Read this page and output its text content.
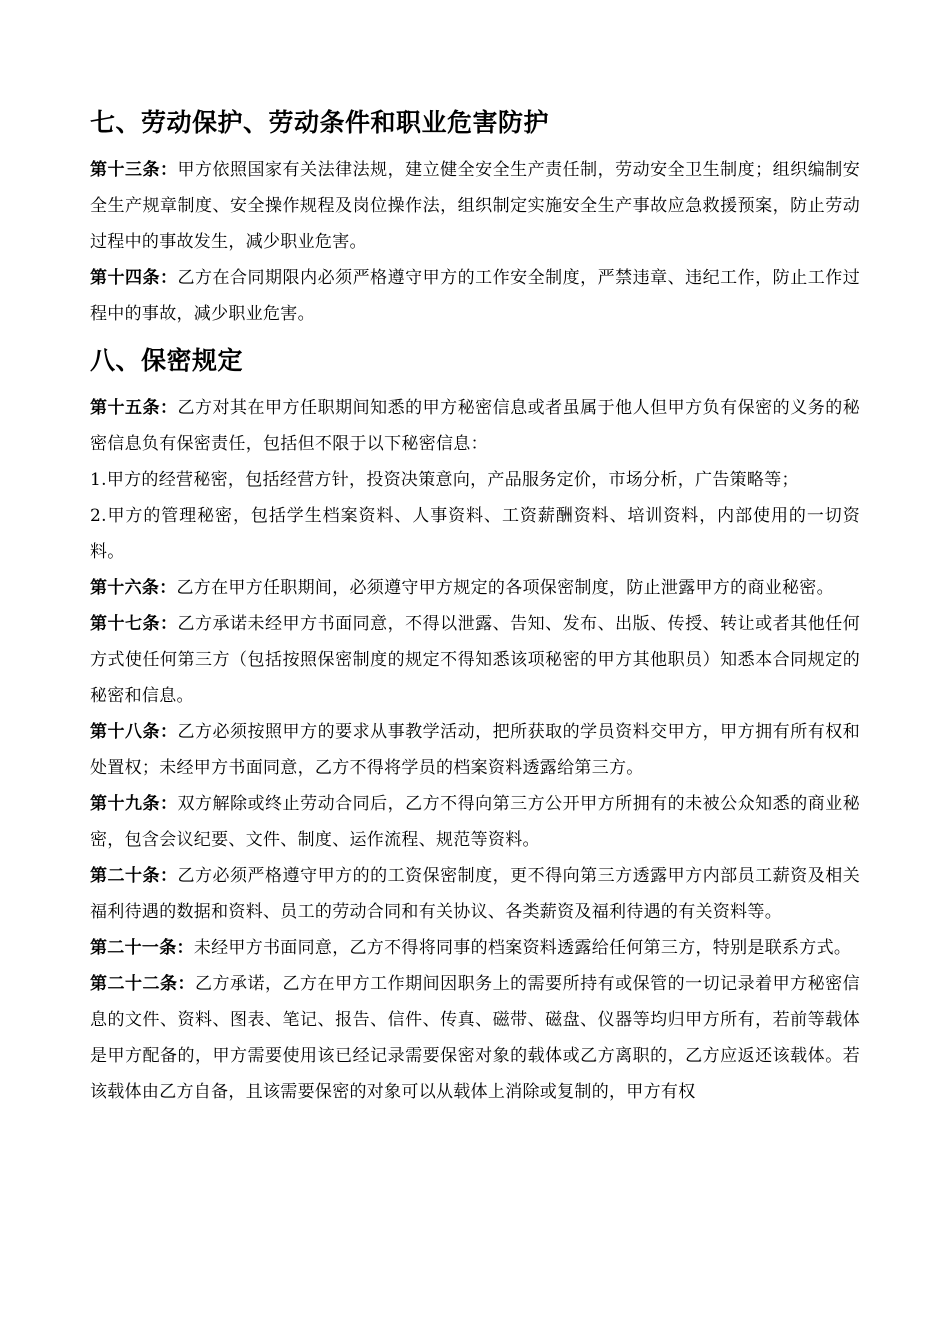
七、劳动保护、劳动条件和职业危害防护

第十三条：甲方依照国家有关法律法规，建立健全安全生产责任制，劳动安全卫生制度；组织编制安全生产规章制度、安全操作规程及岗位操作法，组织制定实施安全生产事故应急救援预案，防止劳动过程中的事故发生，减少职业危害。

第十四条：乙方在合同期限内必须严格遵守甲方的工作安全制度，严禁违章、违纪工作，防止工作过程中的事故，减少职业危害。

八、保密规定

第十五条：乙方对其在甲方任职期间知悉的甲方秘密信息或者虽属于他人但甲方负有保密的义务的秘密信息负有保密责任，包括但不限于以下秘密信息：

1.甲方的经营秘密，包括经营方针，投资决策意向，产品服务定价，市场分析，广告策略等；

2.甲方的管理秘密，包括学生档案资料、人事资料、工资薪酬资料、培训资料，内部使用的一切资料。

第十六条：乙方在甲方任职期间，必须遵守甲方规定的各项保密制度，防止泄露甲方的商业秘密。

第十七条：乙方承诺未经甲方书面同意，不得以泄露、告知、发布、出版、传授、转让或者其他任何方式使任何第三方（包括按照保密制度的规定不得知悉该项秘密的甲方其他职员）知悉本合同规定的秘密和信息。

第十八条：乙方必须按照甲方的要求从事教学活动，把所获取的学员资料交甲方，甲方拥有所有权和处置权；未经甲方书面同意，乙方不得将学员的档案资料透露给第三方。

第十九条：双方解除或终止劳动合同后，乙方不得向第三方公开甲方所拥有的未被公众知悉的商业秘密，包含会议纪要、文件、制度、运作流程、规范等资料。

第二十条：乙方必须严格遵守甲方的的工资保密制度，更不得向第三方透露甲方内部员工薪资及相关福利待遇的数据和资料、员工的劳动合同和有关协议、各类薪资及福利待遇的有关资料等。

第二十一条：未经甲方书面同意，乙方不得将同事的档案资料透露给任何第三方，特别是联系方式。

第二十二条：乙方承诺，乙方在甲方工作期间因职务上的需要所持有或保管的一切记录着甲方秘密信息的文件、资料、图表、笔记、报告、信件、传真、磁带、磁盘、仪器等均归甲方所有，若前等载体是甲方配备的，甲方需要使用该已经记录需要保密对象的载体或乙方离职的，乙方应返还该载体。若该载体由乙方自备，且该需要保密的对象可以从载体上消除或复制的，甲方有权
